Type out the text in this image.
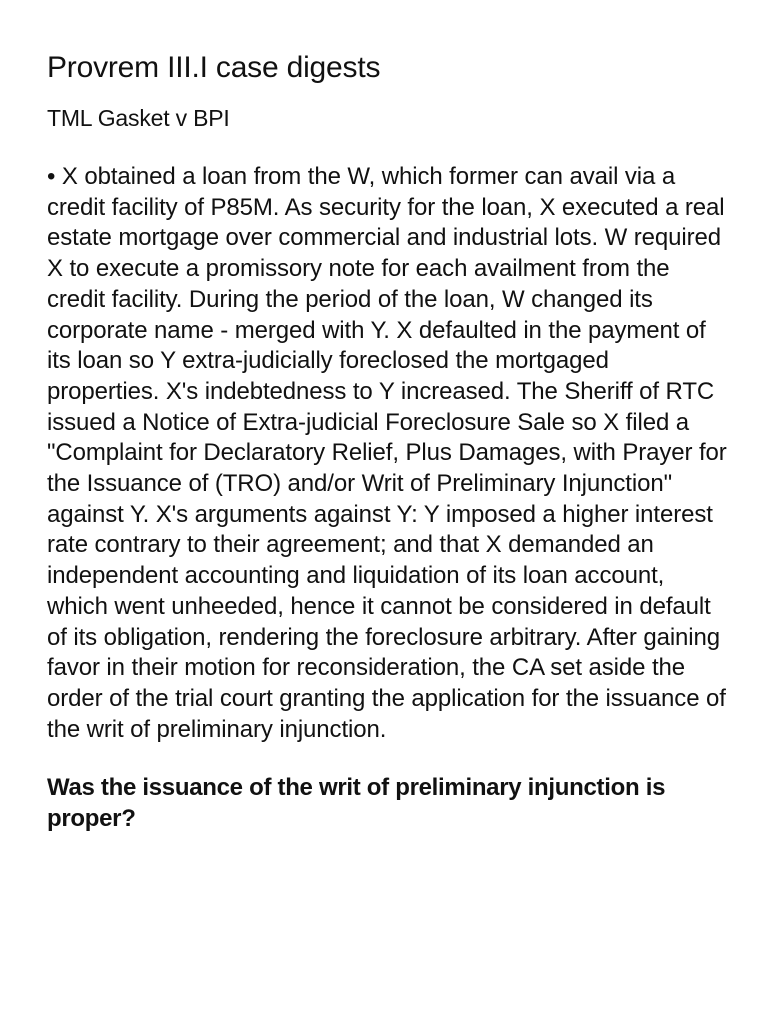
Provrem III.I case digests
TML Gasket v BPI

• X obtained a loan from the W, which former can avail via a credit facility of P85M. As security for the loan, X executed a real estate mortgage over commercial and industrial lots. W required X to execute a promissory note for each availment from the credit facility. During the period of the loan, W changed its corporate name - merged with Y. X defaulted in the payment of its loan so Y extra-judicially foreclosed the mortgaged properties. X's indebtedness to Y increased. The Sheriff of RTC issued a Notice of Extra-judicial Foreclosure Sale so X filed a "Complaint for Declaratory Relief, Plus Damages, with Prayer for the Issuance of (TRO) and/or Writ of Preliminary Injunction" against Y. X's arguments against Y: Y imposed a higher interest rate contrary to their agreement; and that X demanded an independent accounting and liquidation of its loan account, which went unheeded, hence it cannot be considered in default of its obligation, rendering the foreclosure arbitrary. After gaining favor in their motion for reconsideration, the CA set aside the order of the trial court granting the application for the issuance of the writ of preliminary injunction.

Was the issuance of the writ of preliminary injunction is proper?
